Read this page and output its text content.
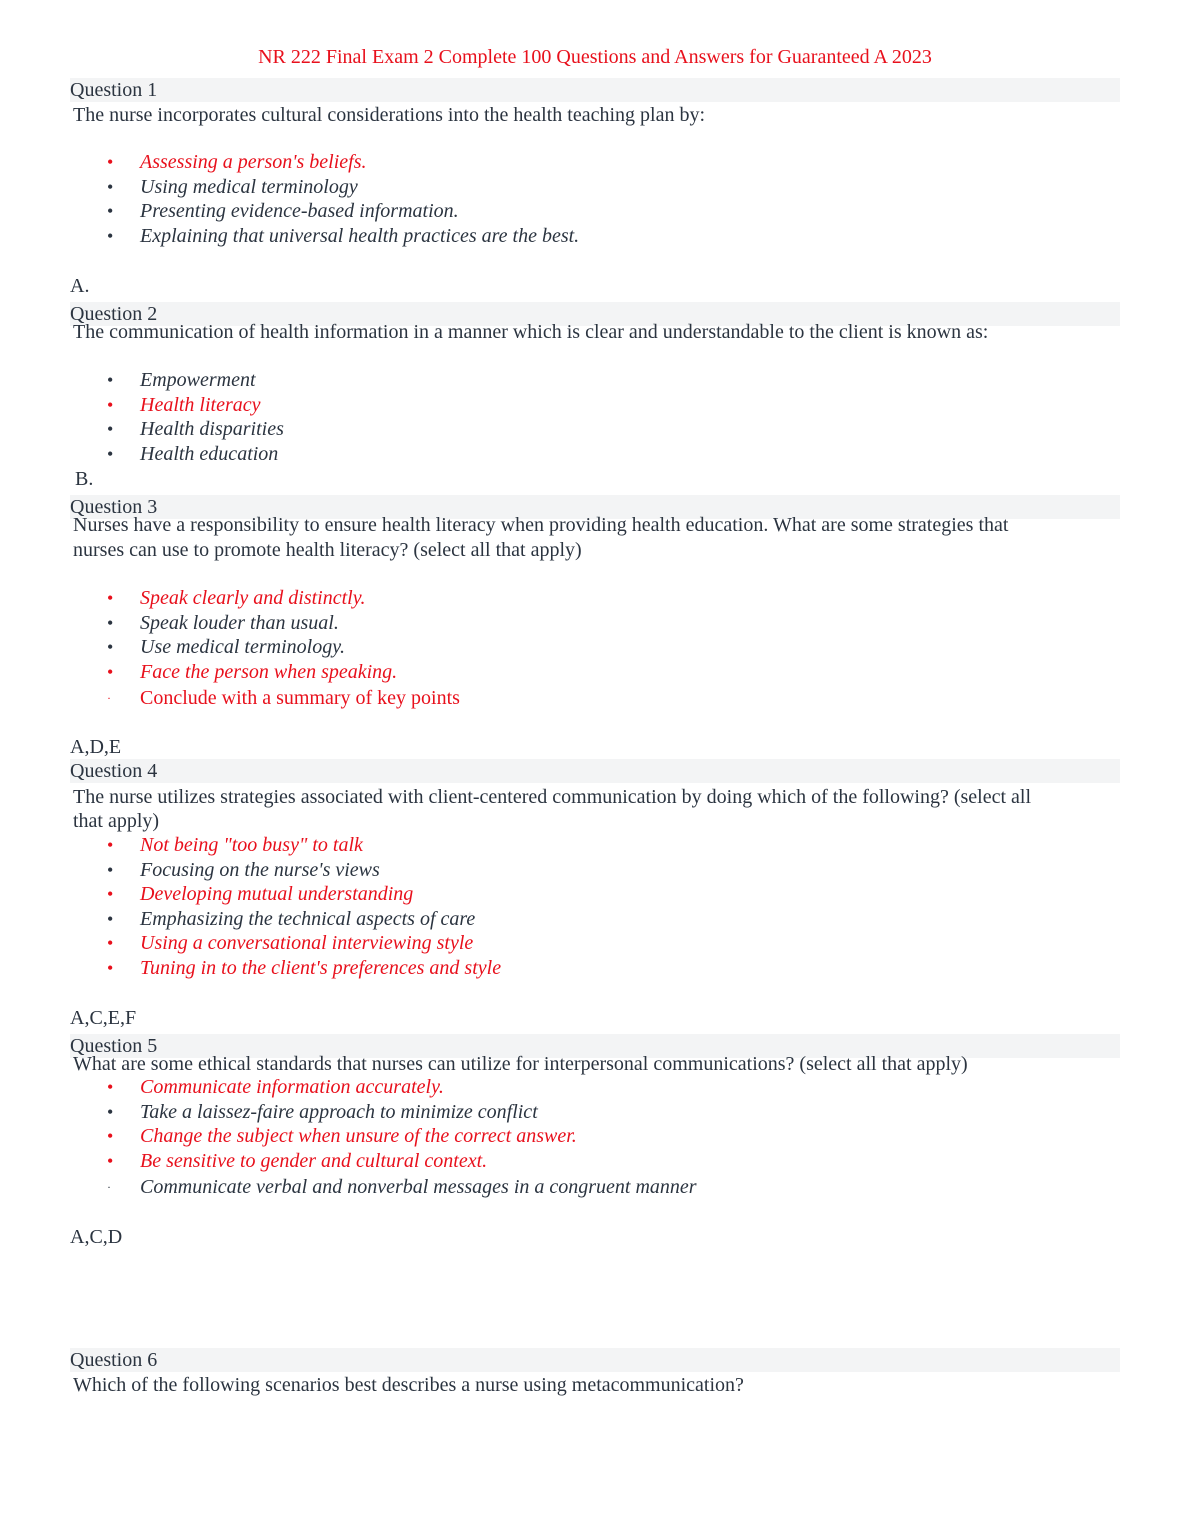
NR 222 Final Exam 2 Complete 100 Questions and Answers for Guaranteed A 2023
Question 1
The nurse incorporates cultural considerations into the health teaching plan by:
• Assessing a person's beliefs.
• Using medical terminology
• Presenting evidence-based information.
• Explaining that universal health practices are the best.
A.
Question 2
The communication of health information in a manner which is clear and understandable to the client is known as:
• Empowerment
• Health literacy
• Health disparities
• Health education
B.
Question 3
Nurses have a responsibility to ensure health literacy when providing health education. What are some strategies that
nurses can use to promote health literacy? (select all that apply)
• Speak clearly and distinctly.
• Speak louder than usual.
• Use medical terminology.
• Face the person when speaking.
· Conclude with a summary of key points
A,D,E
Question 4
The nurse utilizes strategies associated with client-centered communication by doing which of the following? (select all
that apply)
• Not being "too busy" to talk
• Focusing on the nurse's views
• Developing mutual understanding
• Emphasizing the technical aspects of care
• Using a conversational interviewing style
• Tuning in to the client's preferences and style
A,C,E,F
Question 5
What are some ethical standards that nurses can utilize for interpersonal communications? (select all that apply)
• Communicate information accurately.
• Take a laissez-faire approach to minimize conflict
• Change the subject when unsure of the correct answer.
• Be sensitive to gender and cultural context.
· Communicate verbal and nonverbal messages in a congruent manner
A,C,D
Question 6
Which of the following scenarios best describes a nurse using metacommunication?
